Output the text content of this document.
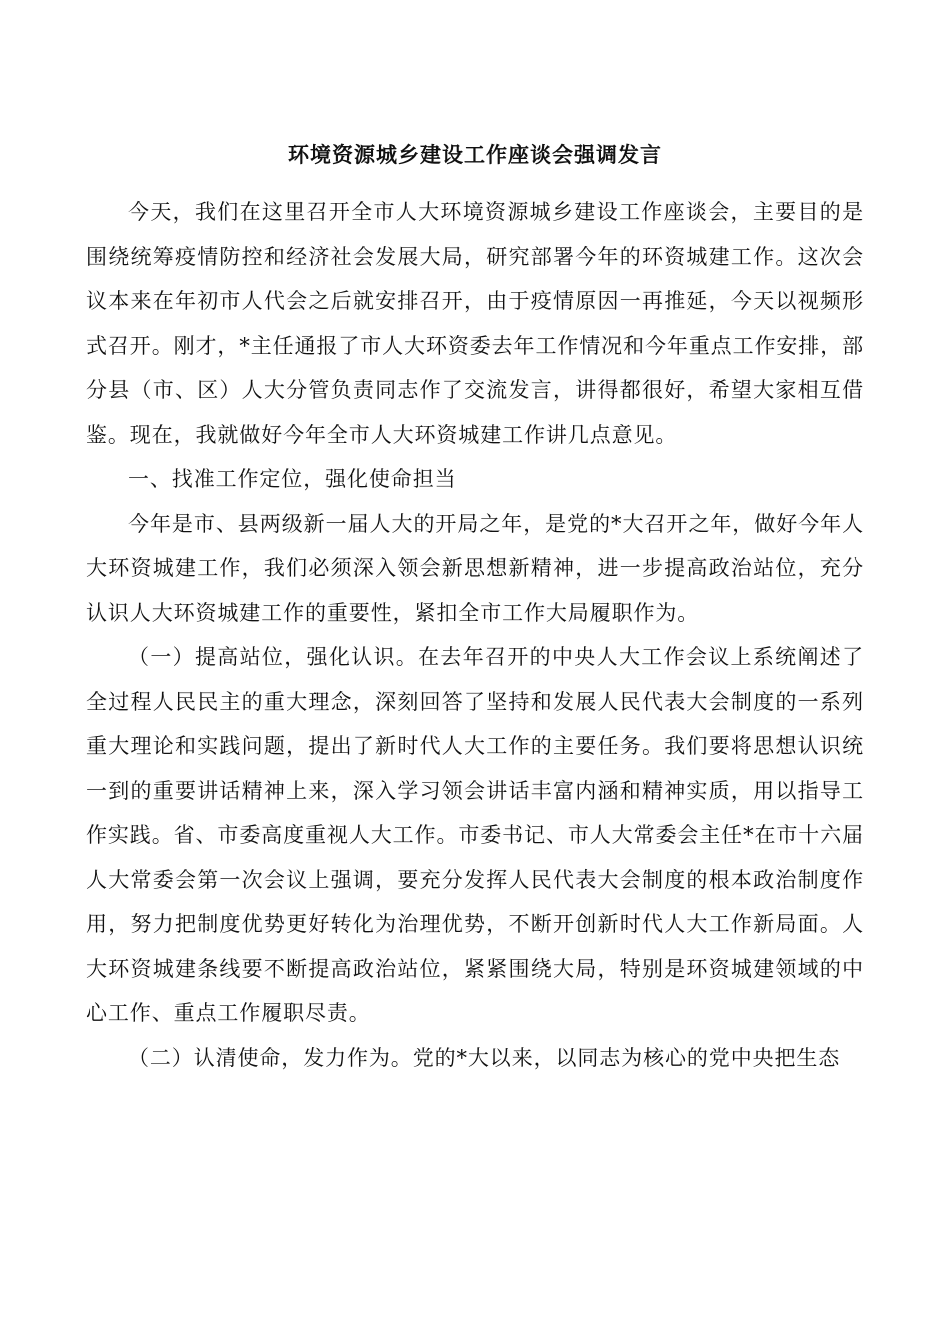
环境资源城乡建设工作座谈会强调发言

今天，我们在这里召开全市人大环境资源城乡建设工作座谈会，主要目的是围绕统筹疫情防控和经济社会发展大局，研究部署今年的环资城建工作。这次会议本来在年初市人代会之后就安排召开，由于疫情原因一再推延，今天以视频形式召开。刚才，*主任通报了市人大环资委去年工作情况和今年重点工作安排，部分县（市、区）人大分管负责同志作了交流发言，讲得都很好，希望大家相互借鉴。现在，我就做好今年全市人大环资城建工作讲几点意见。

一、找准工作定位，强化使命担当

今年是市、县两级新一届人大的开局之年，是党的*大召开之年，做好今年人大环资城建工作，我们必须深入领会新思想新精神，进一步提高政治站位，充分认识人大环资城建工作的重要性，紧扣全市工作大局履职作为。

（一）提高站位，强化认识。在去年召开的中央人大工作会议上系统阐述了全过程人民民主的重大理念，深刻回答了坚持和发展人民代表大会制度的一系列重大理论和实践问题，提出了新时代人大工作的主要任务。我们要将思想认识统一到的重要讲话精神上来，深入学习领会讲话丰富内涵和精神实质，用以指导工作实践。省、市委高度重视人大工作。市委书记、市人大常委会主任*在市十六届人大常委会第一次会议上强调，要充分发挥人民代表大会制度的根本政治制度作用，努力把制度优势更好转化为治理优势，不断开创新时代人大工作新局面。人大环资城建条线要不断提高政治站位，紧紧围绕大局，特别是环资城建领域的中心工作、重点工作履职尽责。

（二）认清使命，发力作为。党的*大以来，以同志为核心的党中央把生态
